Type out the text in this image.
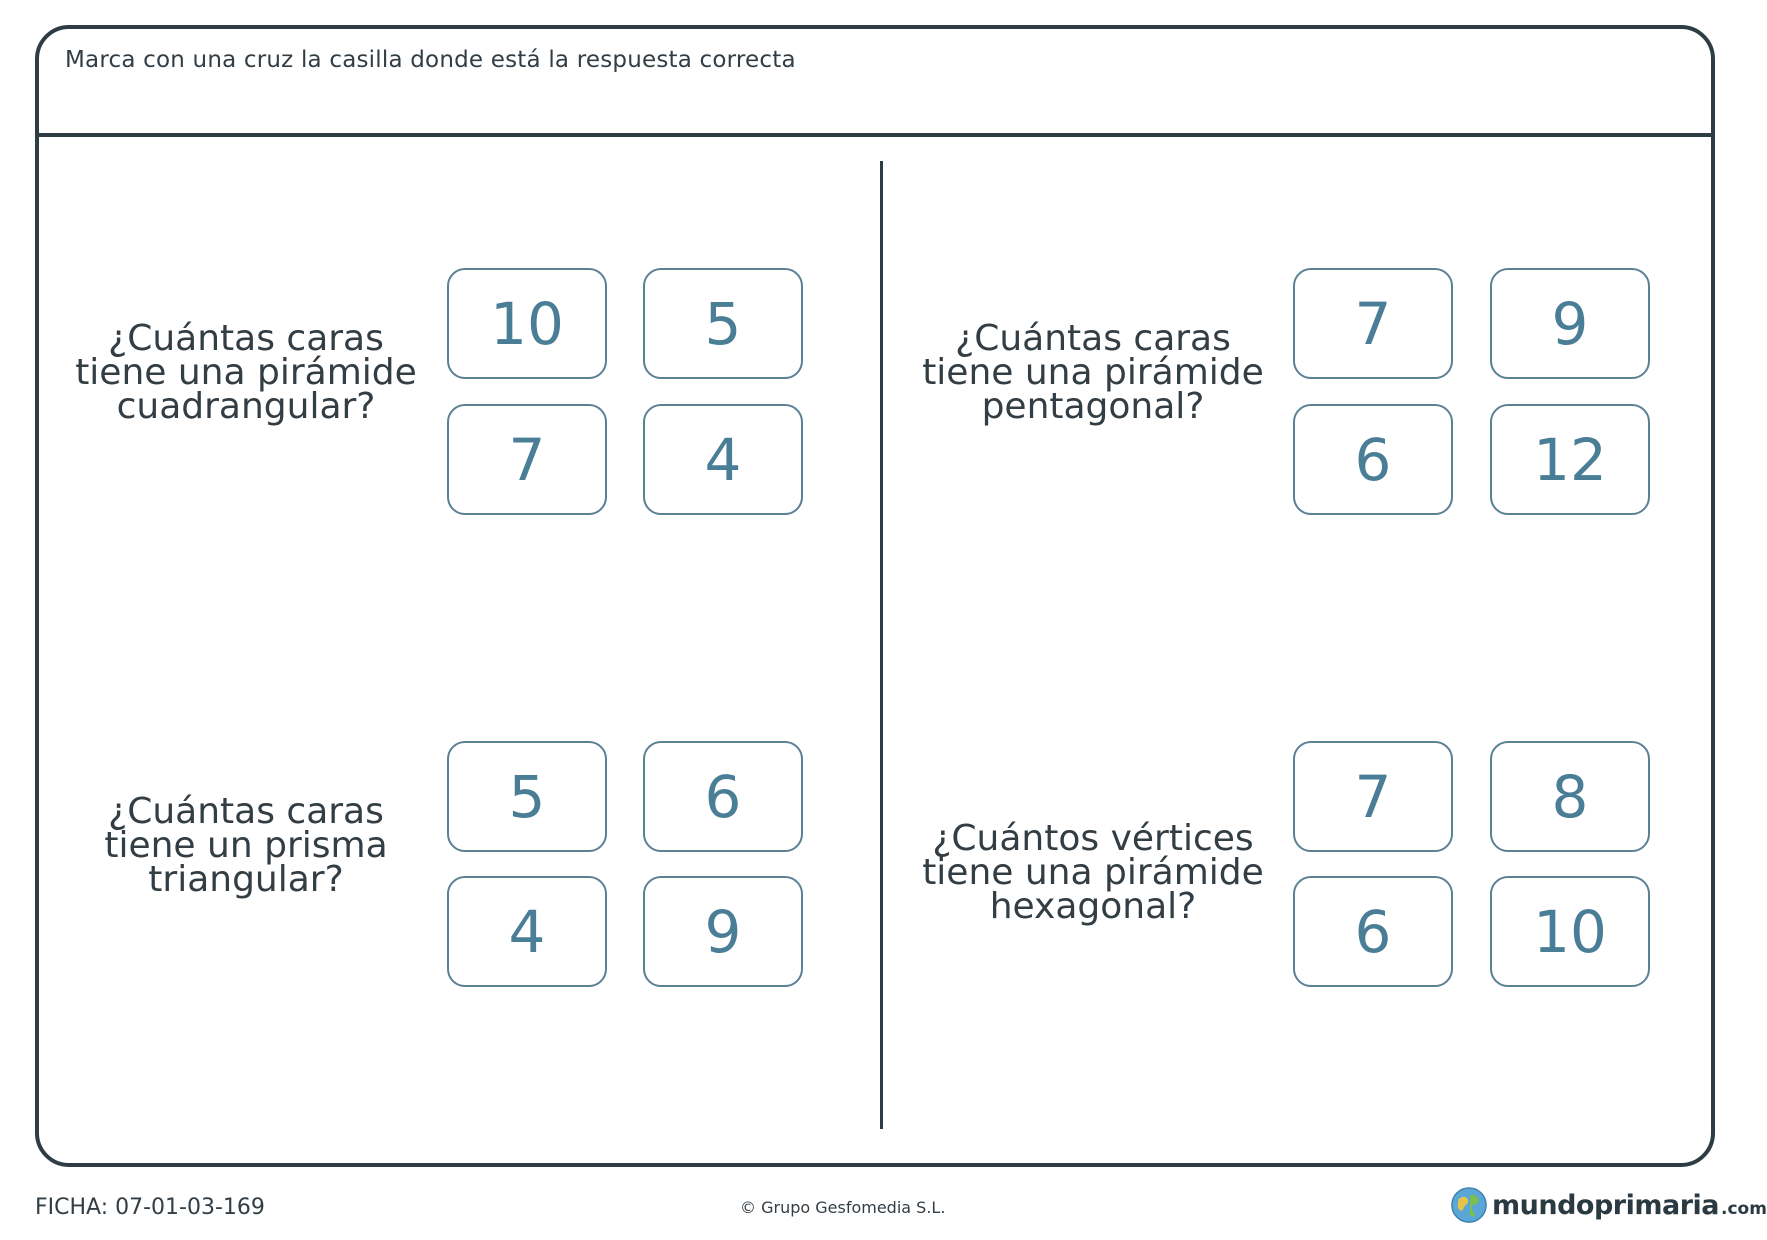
Marca con una cruz la casilla donde está la respuesta correcta

¿Cuántas caras
tiene una pirámide
cuadrangular?
10	5
7	4
¿Cuántas caras
tiene una pirámide
pentagonal?
7	9
6	12
¿Cuántas caras
tiene un prisma
triangular?
5	6
4	9
¿Cuántos vértices
tiene una pirámide
hexagonal?
7	8
6	10
FICHA: 07-01-03-169	© Grupo Gesfomedia S.L.	mundoprimaria .com
